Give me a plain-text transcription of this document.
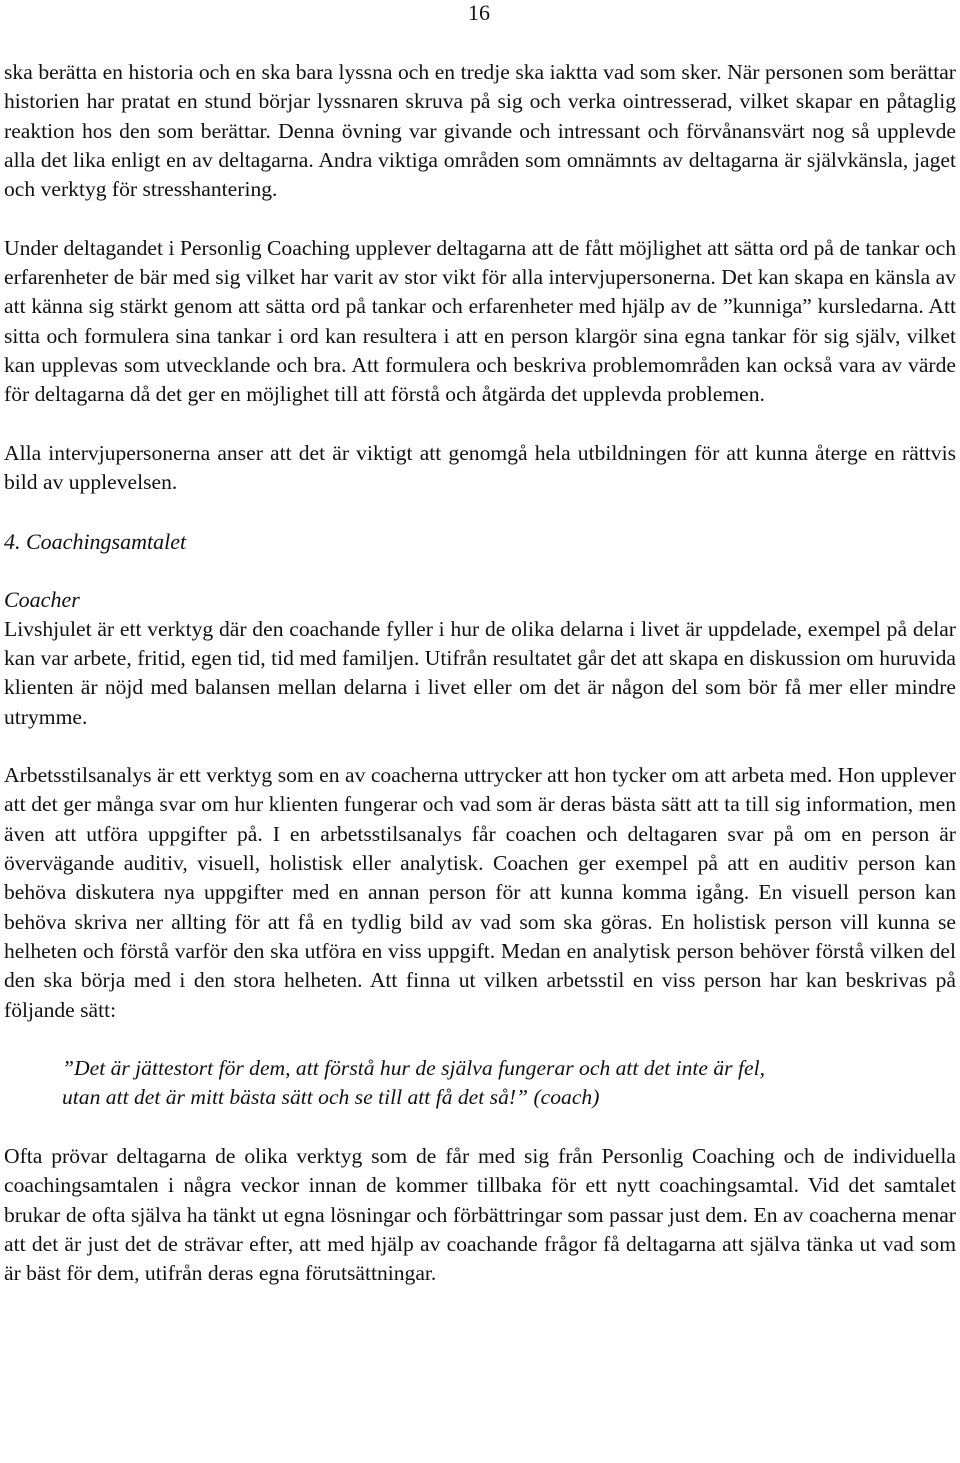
16

ska berätta en historia och en ska bara lyssna och en tredje ska iaktta vad som sker. När personen som berättar historien har pratat en stund börjar lyssnaren skruva på sig och verka ointresserad, vilket skapar en påtaglig reaktion hos den som berättar. Denna övning var givande och intressant och förvånansvärt nog så upplevde alla det lika enligt en av deltagarna. Andra viktiga områden som omnämnts av deltagarna är självkänsla, jaget och verktyg för stresshantering.

Under deltagandet i Personlig Coaching upplever deltagarna att de fått möjlighet att sätta ord på de tankar och erfarenheter de bär med sig vilket har varit av stor vikt för alla intervjupersonerna. Det kan skapa en känsla av att känna sig stärkt genom att sätta ord på tankar och erfarenheter med hjälp av de ”kunniga” kursledarna. Att sitta och formulera sina tankar i ord kan resultera i att en person klargör sina egna tankar för sig själv, vilket kan upplevas som utvecklande och bra. Att formulera och beskriva problemområden kan också vara av värde för deltagarna då det ger en möjlighet till att förstå och åtgärda det upplevda problemen.

Alla intervjupersonerna anser att det är viktigt att genomgå hela utbildningen för att kunna återge en rättvis bild av upplevelsen.

4. Coachingsamtalet

Coacher

Livshjulet är ett verktyg där den coachande fyller i hur de olika delarna i livet är uppdelade, exempel på delar kan var arbete, fritid, egen tid, tid med familjen. Utifrån resultatet går det att skapa en diskussion om huruvida klienten är nöjd med balansen mellan delarna i livet eller om det är någon del som bör få mer eller mindre utrymme.

Arbetsstilsanalys är ett verktyg som en av coacherna uttrycker att hon tycker om att arbeta med. Hon upplever att det ger många svar om hur klienten fungerar och vad som är deras bästa sätt att ta till sig information, men även att utföra uppgifter på. I en arbetsstilsanalys får coachen och deltagaren svar på om en person är övervägande auditiv, visuell, holistisk eller analytisk. Coachen ger exempel på att en auditiv person kan behöva diskutera nya uppgifter med en annan person för att kunna komma igång. En visuell person kan behöva skriva ner allting för att få en tydlig bild av vad som ska göras. En holistisk person vill kunna se helheten och förstå varför den ska utföra en viss uppgift. Medan en analytisk person behöver förstå vilken del den ska börja med i den stora helheten. Att finna ut vilken arbetsstil en viss person har kan beskrivas på följande sätt:

”Det är jättestort för dem, att förstå hur de själva fungerar och att det inte är fel,
utan att det är mitt bästa sätt och se till att få det så!” (coach)

Ofta prövar deltagarna de olika verktyg som de får med sig från Personlig Coaching och de individuella coachingsamtalen i några veckor innan de kommer tillbaka för ett nytt coachingsamtal. Vid det samtalet brukar de ofta själva ha tänkt ut egna lösningar och förbättringar som passar just dem. En av coacherna menar att det är just det de strävar efter, att med hjälp av coachande frågor få deltagarna att själva tänka ut vad som är bäst för dem, utifrån deras egna förutsättningar.
